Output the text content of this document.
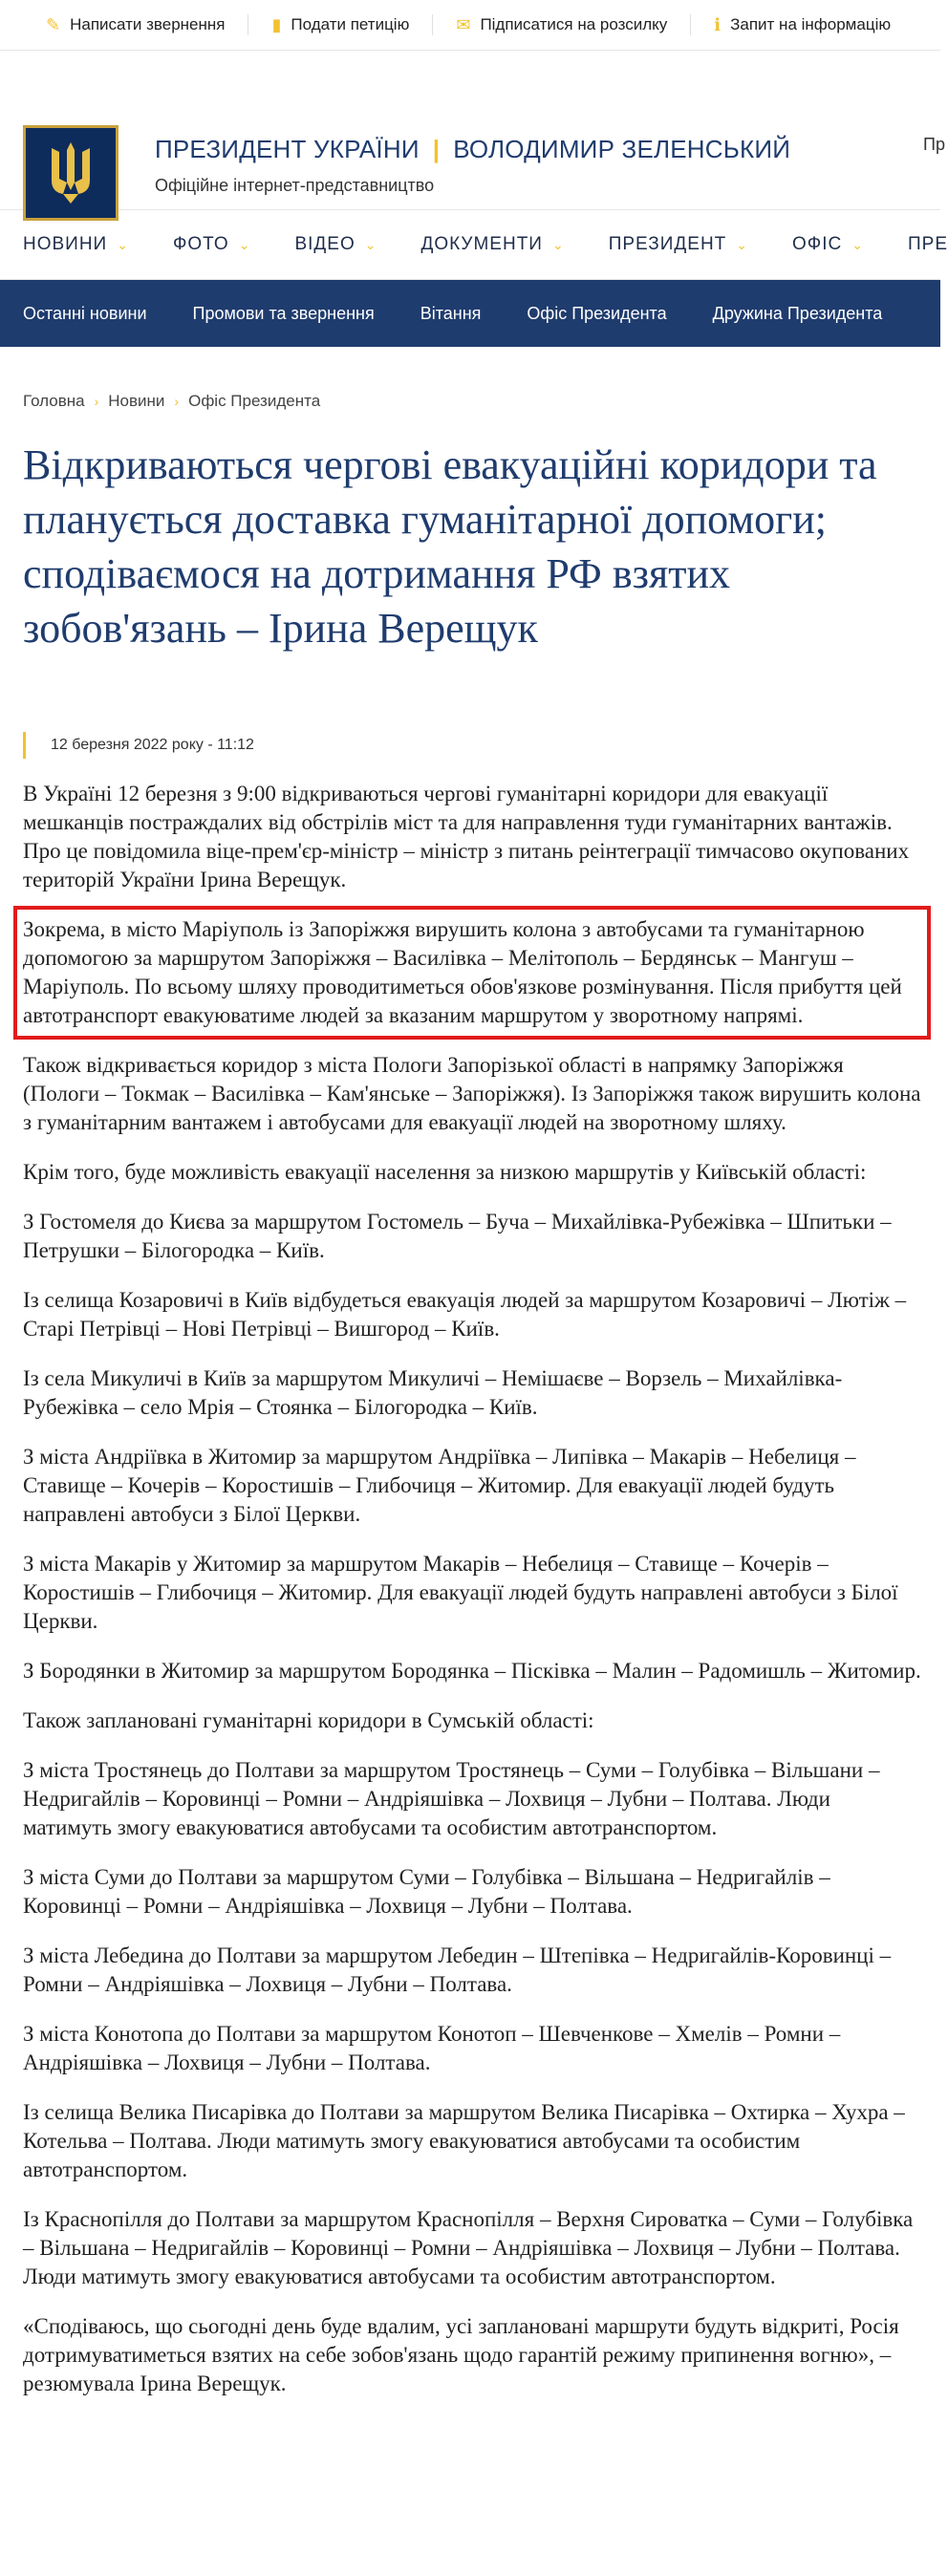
✎ Написати звернення	▮ Подати петицію	✉ Підписатися на розсилку	ℹ Запит на інформацію
ПРЕЗИДЕНТ УКРАЇНИ | ВОЛОДИМИР ЗЕЛЕНСЬКИЙ
Офіційне інтернет-представництво
Пр
НОВИНИ ⌄ ФОТО ⌄ ВІДЕО ⌄ ДОКУМЕНТИ ⌄ ПРЕЗИДЕНТ ⌄ ОФІС ⌄ ПРЕ
Останні новини	Промови та звернення	Вітання	Офіс Президента	Дружина Президента
Головна › Новини › Офіс Президента
Відкриваються чергові евакуаційні коридори та планується доставка гуманітарної допомоги; сподіваємося на дотримання РФ взятих зобов'язань – Ірина Верещук
12 березня 2022 року - 11:12

В Україні 12 березня з 9:00 відкриваються чергові гуманітарні коридори для евакуації мешканців постраждалих від обстрілів міст та для направлення туди гуманітарних вантажів. Про це повідомила віце-прем'єр-міністр – міністр з питань реінтеграції тимчасово окупованих територій України Ірина Верещук.

Зокрема, в місто Маріуполь із Запоріжжя вирушить колона з автобусами та гуманітарною допомогою за маршрутом Запоріжжя – Василівка – Мелітополь – Бердянськ – Мангуш – Маріуполь. По всьому шляху проводитиметься обов'язкове розмінування. Після прибуття цей автотранспорт евакуюватиме людей за вказаним маршрутом у зворотному напрямі.

Також відкривається коридор з міста Пологи Запорізької області в напрямку Запоріжжя (Пологи – Токмак – Василівка – Кам'янське – Запоріжжя). Із Запоріжжя також вирушить колона з гуманітарним вантажем і автобусами для евакуації людей на зворотному шляху.

Крім того, буде можливість евакуації населення за низкою маршрутів у Київській області:

З Гостомеля до Києва за маршрутом Гостомель – Буча – Михайлівка-Рубежівка – Шпитьки – Петрушки – Білогородка – Київ.

Із селища Козаровичі в Київ відбудеться евакуація людей за маршрутом Козаровичі – Лютіж – Старі Петрівці – Нові Петрівці – Вишгород – Київ.

Із села Микуличі в Київ за маршрутом Микуличі – Немішаєве – Ворзель – Михайлівка-Рубежівка – село Мрія – Стоянка – Білогородка – Київ.

З міста Андріївка в Житомир за маршрутом Андріївка – Липівка – Макарів – Небелиця – Ставище – Кочерів – Коростишів – Глибочиця – Житомир. Для евакуації людей будуть направлені автобуси з Білої Церкви.

З міста Макарів у Житомир за маршрутом Макарів – Небелиця – Ставище – Кочерів – Коростишів – Глибочиця – Житомир. Для евакуації людей будуть направлені автобуси з Білої Церкви.

З Бородянки в Житомир за маршрутом Бородянка – Пісківка – Малин – Радомишль – Житомир.

Також заплановані гуманітарні коридори в Сумській області:

З міста Тростянець до Полтави за маршрутом Тростянець – Суми – Голубівка – Вільшани – Недригайлів – Коровинці – Ромни – Андріяшівка – Лохвиця – Лубни – Полтава. Люди матимуть змогу евакуюватися автобусами та особистим автотранспортом.

З міста Суми до Полтави за маршрутом Суми – Голубівка – Вільшана – Недригайлів – Коровинці – Ромни – Андріяшівка – Лохвиця – Лубни – Полтава.

З міста Лебедина до Полтави за маршрутом Лебедин – Штепівка – Недригайлів-Коровинці – Ромни – Андріяшівка – Лохвиця – Лубни – Полтава.

З міста Конотопа до Полтави за маршрутом Конотоп – Шевченкове – Хмелів – Ромни – Андріяшівка – Лохвиця – Лубни – Полтава.

Із селища Велика Писарівка до Полтави за маршрутом Велика Писарівка – Охтирка – Хухра – Котельва – Полтава. Люди матимуть змогу евакуюватися автобусами та особистим автотранспортом.

Із Краснопілля до Полтави за маршрутом Краснопілля – Верхня Сироватка – Суми – Голубівка – Вільшана – Недригайлів – Коровинці – Ромни – Андріяшівка – Лохвиця – Лубни – Полтава. Люди матимуть змогу евакуюватися автобусами та особистим автотранспортом.

«Сподіваюсь, що сьогодні день буде вдалим, усі заплановані маршрути будуть відкриті, Росія дотримуватиметься взятих на себе зобов'язань щодо гарантій режиму припинення вогню», – резюмувала Ірина Верещук.
